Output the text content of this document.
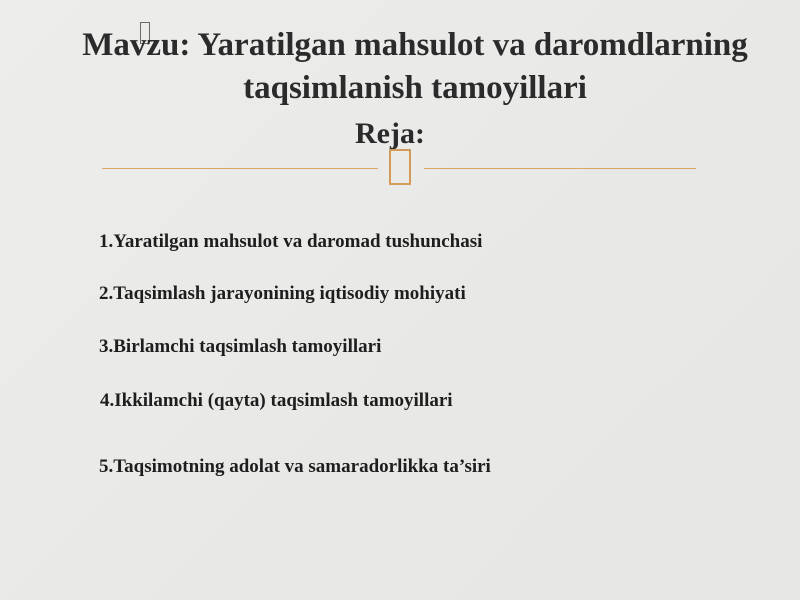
Mavzu: Yaratilgan mahsulot va daromdlarning taqsimlanish tamoyillari
Reja:

1.Yaratilgan mahsulot va daromad tushunchasi

2.Taqsimlash jarayonining iqtisodiy mohiyati

3.Birlamchi taqsimlash tamoyillari

4.Ikkilamchi (qayta) taqsimlash tamoyillari

5.Taqsimotning adolat va samaradorlikka ta’siri
